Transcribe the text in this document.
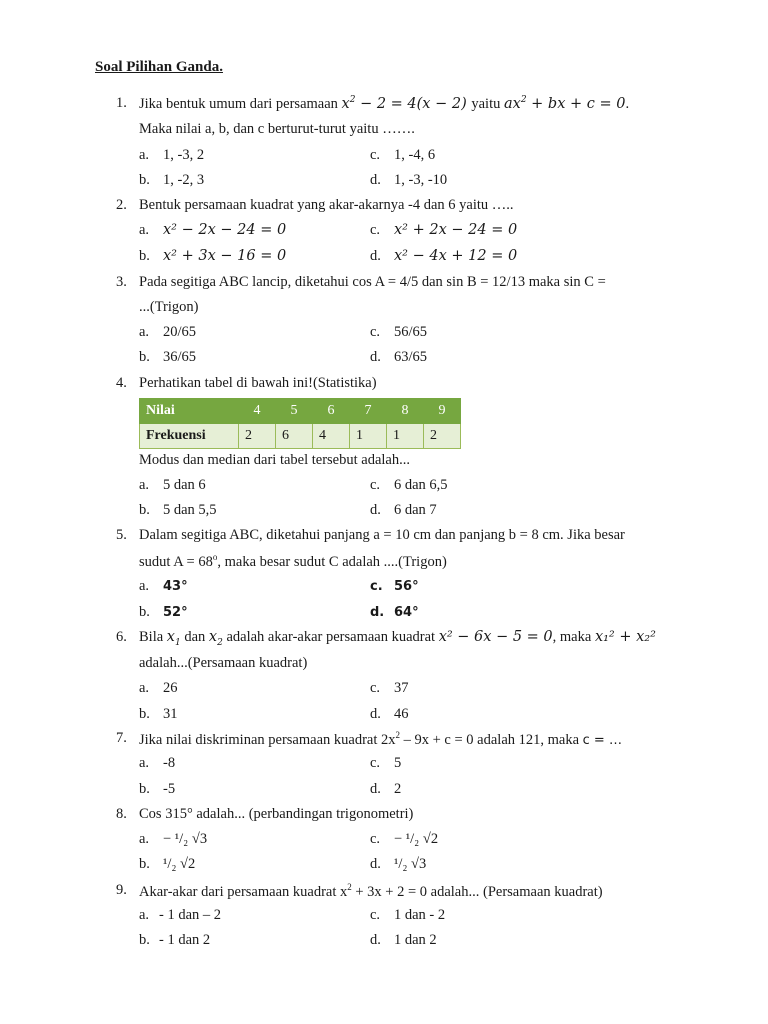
Soal Pilihan Ganda.
1. Jika bentuk umum dari persamaan $x^2 - 2 = 4(x - 2)$ yaitu $ax^2$ + bx + c = 0.
Maka nilai a, b, dan c berturut-turut yaitu …….
a. 1, -3, 2	c. 1, -4, 6
b. 1, -2, 3	d. 1, -3, -10
2. Bentuk persamaan kuadrat yang akar-akarnya -4 dan 6 yaitu …..
a. x² − 2x − 24 = 0	c. x² + 2x − 24 = 0
b. x² + 3x − 16 = 0	d. x² − 4x + 12 = 0
3. Pada segitiga ABC lancip, diketahui cos A = 4/5 dan sin B = 12/13 maka sin C =
...(Trigon)
a. 20/65	c. 56/65
b. 36/65	d. 63/65
4. Perhatikan tabel di bawah ini!(Statistika)
Nilai	4	5	6	7	8	9
Frekuensi	2	6	4	1	1	2
Modus dan median dari tabel tersebut adalah...
a. 5 dan 6	c. 6 dan 6,5
b. 5 dan 5,5	d. 6 dan 7
5. Dalam segitiga ABC, diketahui panjang a = 10 cm dan panjang b = 8 cm. Jika besar
sudut $A = 68^o$, maka besar sudut C adalah ....(Trigon)
a. 43°	c. 56°
b. 52°	d. 64°
6. Bila $x_1$ dan $x_2$ adalah akar-akar persamaan kuadrat x² − 6x − 5 = 0, maka x₁² + x₂²
adalah...(Persamaan kuadrat)
a. 26	c. 37
b. 31	d. 46
7. Jika nilai diskriminan persamaan kuadrat $2x^2 - 9x + c = 0$ adalah 121, maka c = …
a. -8	c. 5
b. -5	d. 2
8. Cos 315° adalah... (perbandingan trigonometri)
a. − ¹/₂ √3	c. − ¹/₂ √2
b. ¹/₂ √2	d. ¹/₂ √3
9. Akar-akar dari persamaan kuadrat $x^2 + 3x + 2 = 0$ adalah... (Persamaan kuadrat)
a. - 1 dan – 2	c. 1 dan - 2
b. - 1 dan 2	d. 1 dan 2
